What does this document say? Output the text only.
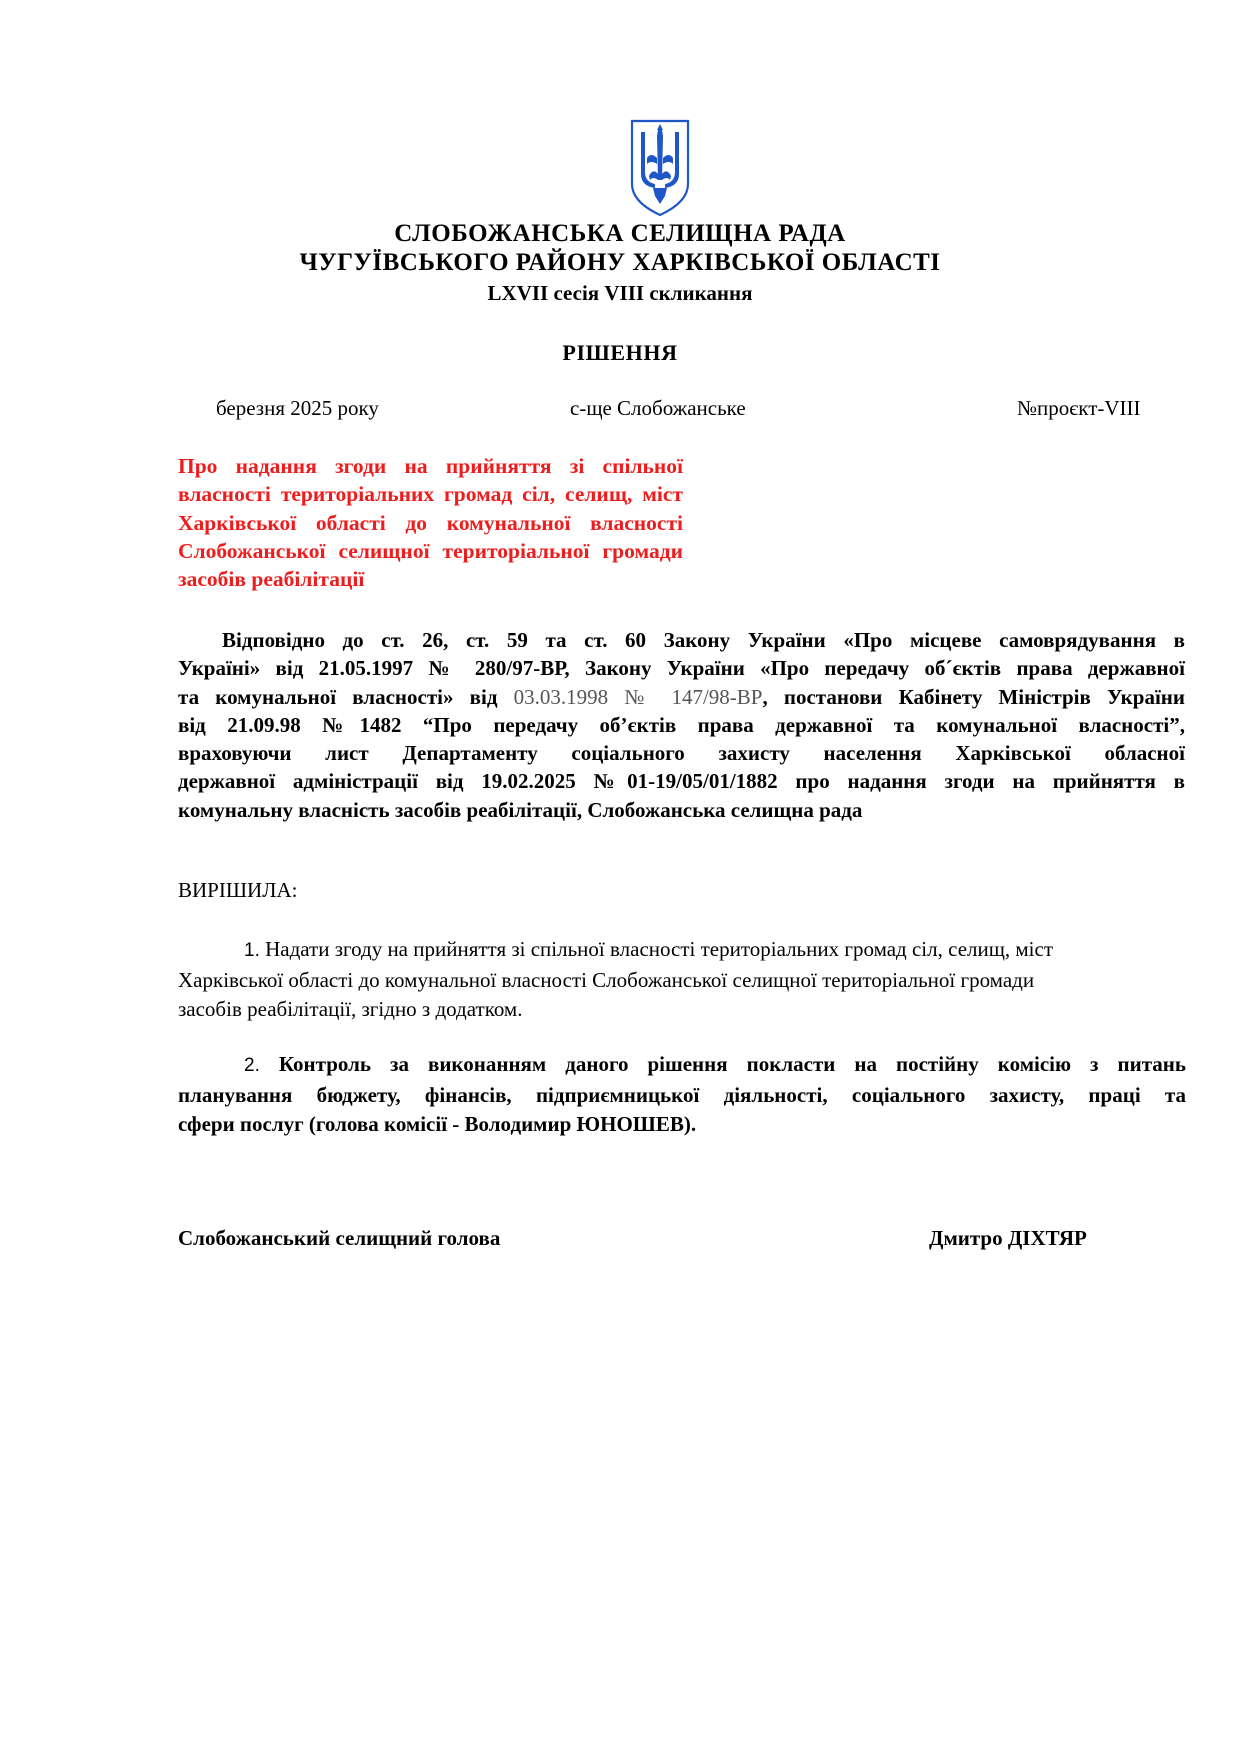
СЛОБОЖАНСЬКА СЕЛИЩНА РАДА
ЧУГУЇВСЬКОГО РАЙОНУ ХАРКІВСЬКОЇ ОБЛАСТІ
LXVII сесія VIII скликання
РІШЕННЯ
березня 2025 року	с-ще Слобожанське	№проєкт-VIII
Про надання згоди на прийняття зі спільної власності територіальних громад сіл, селищ, міст Харківської області до комунальної власності Слобожанської селищної територіальної громади засобів реабілітації
Відповідно до ст. 26, ст. 59 та ст. 60 Закону України «Про місцеве самоврядування в
Україні» від 21.05.1997 № 280/97-ВР, Закону України «Про передачу об´єктів права державної
та комунальної власності» від 03.03.1998 № 147/98-ВР, постанови Кабінету Міністрів України
від 21.09.98 №1482 “Про передачу об’єктів права державної та комунальної власності”,
враховуючи лист Департаменту соціального захисту населення Харківської обласної
державної адміністрації від 19.02.2025 №01-19/05/01/1882 про надання згоди на прийняття в
комунальну власність засобів реабілітації, Слобожанська селищна рада
ВИРІШИЛА:
1. Надати згоду на прийняття зі спільної власності територіальних громад сіл, селищ, міст
Харківської області до комунальної власності Слобожанської селищної територіальної громади
засобів реабілітації, згідно з додатком.
2. Контроль за виконанням даного рішення покласти на постійну комісію з питань
планування бюджету, фінансів, підприємницької діяльності, соціального захисту, праці та
сфери послуг (голова комісії - Володимир ЮНОШЕВ).
Слобожанський селищний голова	Дмитро ДІХТЯР
